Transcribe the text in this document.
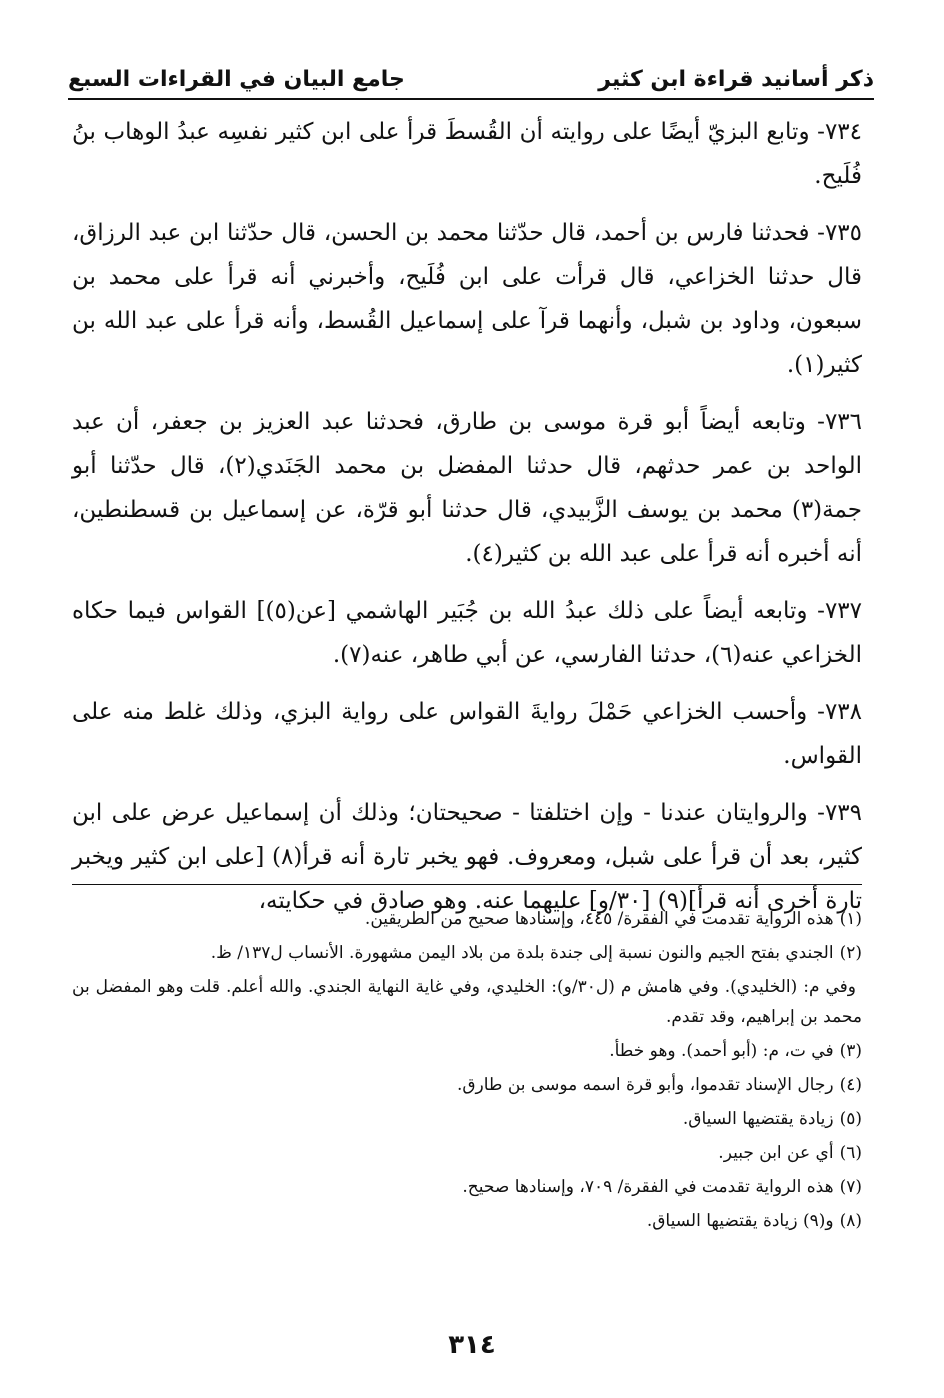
ذكر أسانيد قراءة ابن كثير
جامع البيان في القراءات السبع

٧٣٤- وتابع البزيّ أيضًا على روايته أن القُسطَ قرأ على ابن كثير نفسِه عبدُ الوهاب بنُ فُلَيح.

٧٣٥- فحدثنا فارس بن أحمد، قال حدّثنا محمد بن الحسن، قال حدّثنا ابن عبد الرزاق، قال حدثنا الخزاعي، قال قرأت على ابن فُلَيح، وأخبرني أنه قرأ على محمد بن سبعون، وداود بن شبل، وأنهما قرآ على إسماعيل القُسط، وأنه قرأ على عبد الله بن كثير(١).

٧٣٦- وتابعه أيضاً أبو قرة موسى بن طارق، فحدثنا عبد العزيز بن جعفر، أن عبد الواحد بن عمر حدثهم، قال حدثنا المفضل بن محمد الجَنَدي(٢)، قال حدّثنا أبو جمة(٣) محمد بن يوسف الزَّبيدي، قال حدثنا أبو قرّة، عن إسماعيل بن قسطنطين، أنه أخبره أنه قرأ على عبد الله بن كثير(٤).

٧٣٧- وتابعه أيضاً على ذلك عبدُ الله بن جُبَير الهاشمي [عن(٥)] القواس فيما حكاه الخزاعي عنه(٦)، حدثنا الفارسي، عن أبي طاهر، عنه(٧).

٧٣٨- وأحسب الخزاعي حَمْلَ روايةَ القواس على رواية البزي، وذلك غلط منه على القواس.

٧٣٩- والروايتان عندنا - وإن اختلفتا - صحيحتان؛ وذلك أن إسماعيل عرض على ابن كثير، بعد أن قرأ على شبل، ومعروف. فهو يخبر تارة أنه قرأ(٨) [على ابن كثير ويخبر تارة أخرى أنه قرأ](٩) [٣٠/و] عليهما عنه. وهو صادق في حكايته،

(١)هذه الرواية تقدمت في الفقرة/ ٤٤٥، وإسنادها صحيح من الطريقين.

(٢)الجندي بفتح الجيم والنون نسبة إلى جندة بلدة من بلاد اليمن مشهورة. الأنساب ل١٣٧/ ظ.

وفي م: (الخليدي). وفي هامش م (ل٣٠/و): الخليدي، وفي غاية النهاية الجندي. والله أعلم. قلت وهو المفضل بن محمد بن إبراهيم، وقد تقدم.

(٣)في ت، م: (أبو أحمد). وهو خطأ.

(٤)رجال الإسناد تقدموا، وأبو قرة اسمه موسى بن طارق.

(٥)زيادة يقتضيها السياق.

(٦)أي عن ابن جبير.

(٧)هذه الرواية تقدمت في الفقرة/ ٧٠٩، وإسنادها صحيح.

(٨)و(٩) زيادة يقتضيها السياق.

٣١٤
